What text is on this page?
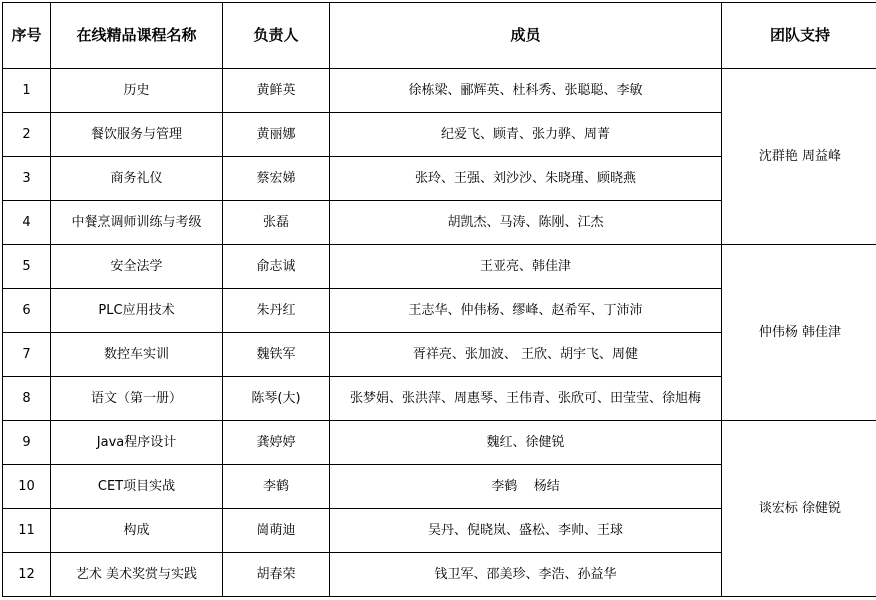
序号	在线精品课程名称	负责人	成员	团队支持
1	历史	黄鲜英	徐栋梁、郦辉英、杜科秀、张聪聪、李敏	沈群艳 周益峰
2	餐饮服务与管理	黄丽娜	纪爱飞、顾青、张力骅、周菁	
3	商务礼仪	蔡宏娣	张玲、王强、刘沙沙、朱晓瑾、顾晓燕	
4	中餐烹调师训练与考级	张磊	胡凯杰、马涛、陈刚、江杰	
5	安全法学	俞志诚	王亚亮、韩佳津	仲伟杨 韩佳津
6	PLC应用技术	朱丹红	王志华、仲伟杨、缪峰、赵希军、丁沛沛	
7	数控车实训	魏铁军	胥祥亮、张加波、 王欣、胡宇飞、周健	
8	语文（第一册）	陈琴(大)	张梦娟、张洪萍、周惠琴、王伟青、张欣可、田莹莹、徐旭梅	
9	Java程序设计	龚婷婷	魏红、徐健锐	谈宏标 徐健锐
10	CET项目实战	李鹤	李鹤    杨结	
11	构成	崗萌迪	吴丹、倪晓岚、盛松、李帅、王球	
12	艺术 美术奖赏与实践	胡春荣	钱卫军、邵美珍、李浩、孙益华	
